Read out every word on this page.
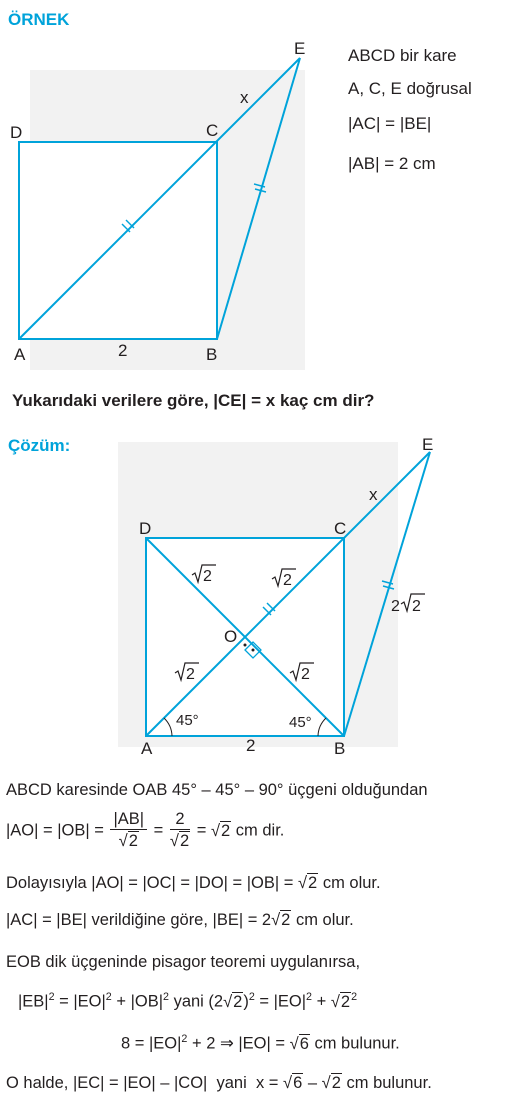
ÖRNEK
D	C
E
x
A	B
2
ABCD bir kare
A, C, E doğrusal
|AC| = |BE|
|AB| = 2 cm
Yukarıdaki verilere göre, |CE| = x kaç cm dir?
Çözüm:
D	C
E
x
O
A	B
2
45°	45°
2	2
2	2
2 2
ABCD karesinde OAB 45° – 45° – 90° üçgeni olduğundan
$|AO| = |OB| = \frac{|AB|}{√2} = \frac{2}{√2} = √2$ cm dir.
Dolayısıyla |AO| = |OC| = |DO| = |OB| = √2 cm olur.
|AC| = |BE| verildiğine göre, |BE| = 2√2 cm olur.
EOB dik üçgeninde pisagor teoremi uygulanırsa,
$|EB|^2 = |EO|^2 + |OB|^2$ yani $(2√2)^2 = |EO|^2 + √2^2$
$8 = |EO|^2 + 2$ ⇒ |EO| = √6 cm bulunur.
O halde, |EC| = |EO| – |CO|  yani  x = √6 – √2 cm bulunur.
